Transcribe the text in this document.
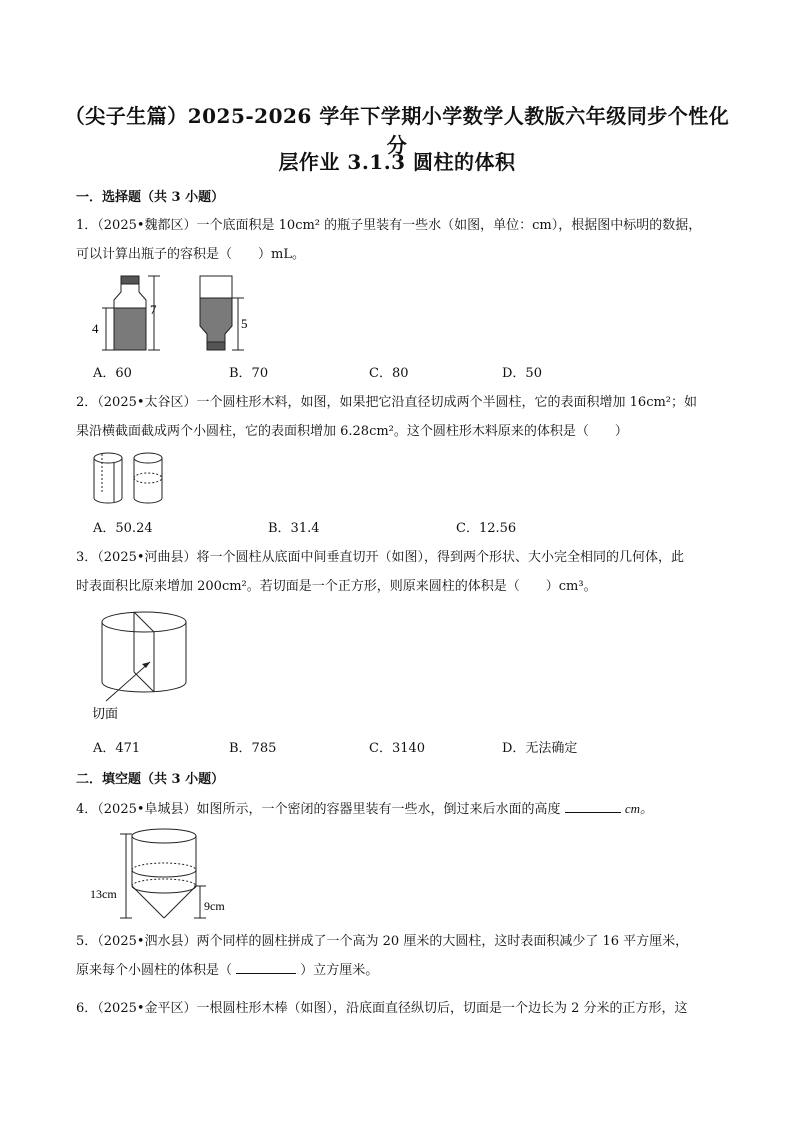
（尖子生篇）2025-2026 学年下学期小学数学人教版六年级同步个性化分
层作业 3.1.3 圆柱的体积
一．选择题（共 3 小题）
1．（2025•魏都区）一个底面积是 10cm² 的瓶子里装有一些水（如图，单位：cm），根据图中标明的数据，
可以计算出瓶子的容积是（　　）mL。
4
7
5
A．60	B．70	C．80	D．50
2．（2025•太谷区）一个圆柱形木料，如图，如果把它沿直径切成两个半圆柱，它的表面积增加 16cm²；如
果沿横截面截成两个小圆柱，它的表面积增加 6.28cm²。这个圆柱形木料原来的体积是（　　）
A．50.24	B．31.4	C．12.56
3．（2025•河曲县）将一个圆柱从底面中间垂直切开（如图），得到两个形状、大小完全相同的几何体，此
时表面积比原来增加 200cm²。若切面是一个正方形，则原来圆柱的体积是（　　）cm³。
切面
A．471	B．785	C．3140	D．无法确定
二．填空题（共 3 小题）
4．（2025•阜城县）如图所示，一个密闭的容器里装有一些水，倒过来后水面的高度	cm。
13cm
9cm
5．（2025•泗水县）两个同样的圆柱拼成了一个高为 20 厘米的大圆柱，这时表面积减少了 16 平方厘米，
原来每个小圆柱的体积是（	）立方厘米。
6．（2025•金平区）一根圆柱形木棒（如图），沿底面直径纵切后，切面是一个边长为 2 分米的正方形，这
